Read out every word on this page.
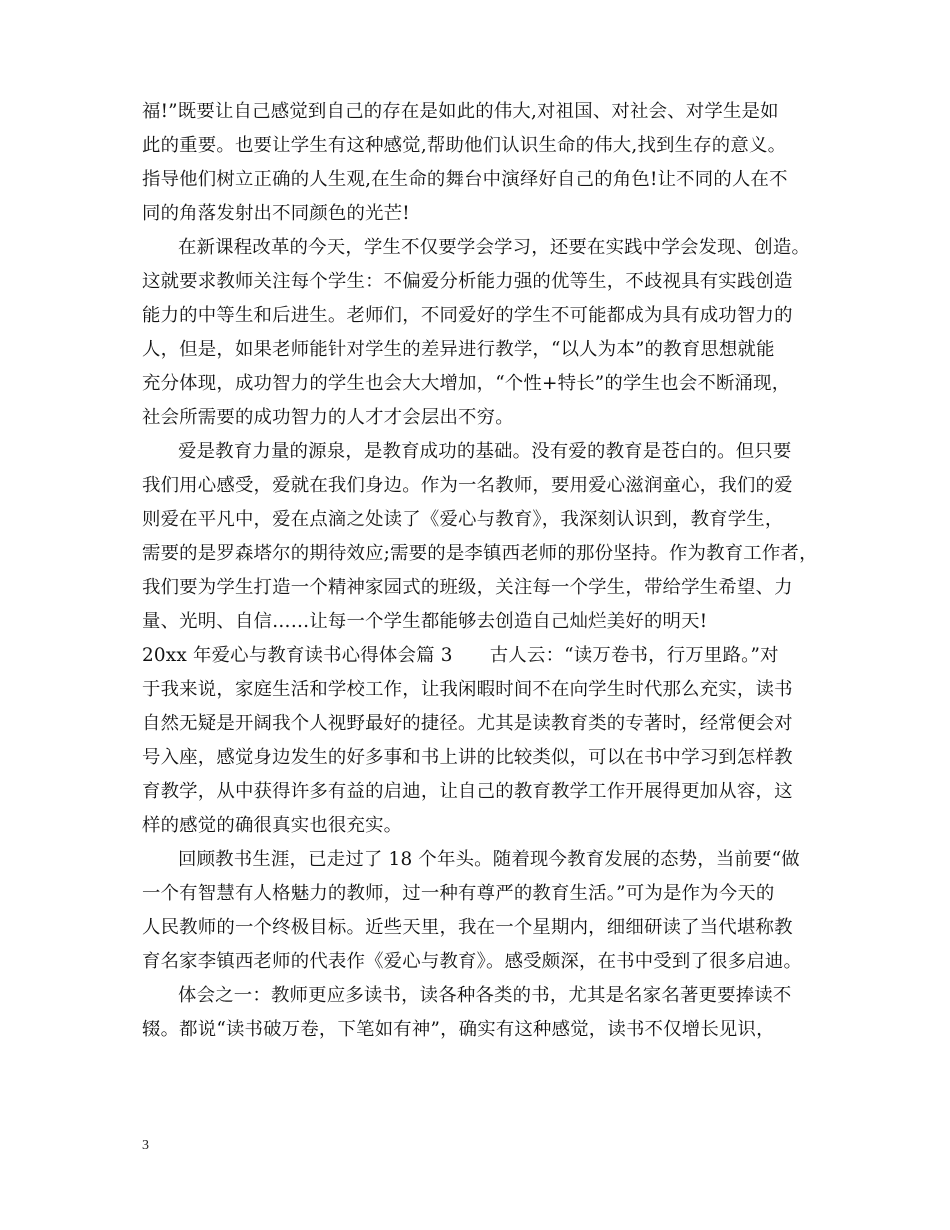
福!”既要让自己感觉到自己的存在是如此的伟大,对祖国、对社会、对学生是如
此的重要。也要让学生有这种感觉,帮助他们认识生命的伟大,找到生存的意义。
指导他们树立正确的人生观,在生命的舞台中演绎好自己的角色!让不同的人在不
同的角落发射出不同颜色的光芒!
在新课程改革的今天，学生不仅要学会学习，还要在实践中学会发现、创造。
这就要求教师关注每个学生：不偏爱分析能力强的优等生，不歧视具有实践创造
能力的中等生和后进生。老师们，不同爱好的学生不可能都成为具有成功智力的
人，但是，如果老师能针对学生的差异进行教学，“以人为本”的教育思想就能
充分体现，成功智力的学生也会大大增加，“个性+特长”的学生也会不断涌现，
社会所需要的成功智力的人才才会层出不穷。
爱是教育力量的源泉，是教育成功的基础。没有爱的教育是苍白的。但只要
我们用心感受，爱就在我们身边。作为一名教师，要用爱心滋润童心，我们的爱
则爱在平凡中，爱在点滴之处读了《爱心与教育》，我深刻认识到，教育学生，
需要的是罗森塔尔的期待效应;需要的是李镇西老师的那份坚持。作为教育工作者，
我们要为学生打造一个精神家园式的班级，关注每一个学生，带给学生希望、力
量、光明、自信……让每一个学生都能够去创造自己灿烂美好的明天!
20xx 年爱心与教育读书心得体会篇 3　　古人云：“读万卷书，行万里路。”对
于我来说，家庭生活和学校工作，让我闲暇时间不在向学生时代那么充实，读书
自然无疑是开阔我个人视野最好的捷径。尤其是读教育类的专著时，经常便会对
号入座，感觉身边发生的好多事和书上讲的比较类似，可以在书中学习到怎样教
育教学，从中获得许多有益的启迪，让自己的教育教学工作开展得更加从容，这
样的感觉的确很真实也很充实。
回顾教书生涯，已走过了 18 个年头。随着现今教育发展的态势，当前要“做
一个有智慧有人格魅力的教师，过一种有尊严的教育生活。”可为是作为今天的
人民教师的一个终极目标。近些天里，我在一个星期内，细细研读了当代堪称教
育名家李镇西老师的代表作《爱心与教育》。感受颇深，在书中受到了很多启迪。
体会之一：教师更应多读书，读各种各类的书，尤其是名家名著更要捧读不
辍。都说“读书破万卷，下笔如有神”，确实有这种感觉，读书不仅增长见识，
3
